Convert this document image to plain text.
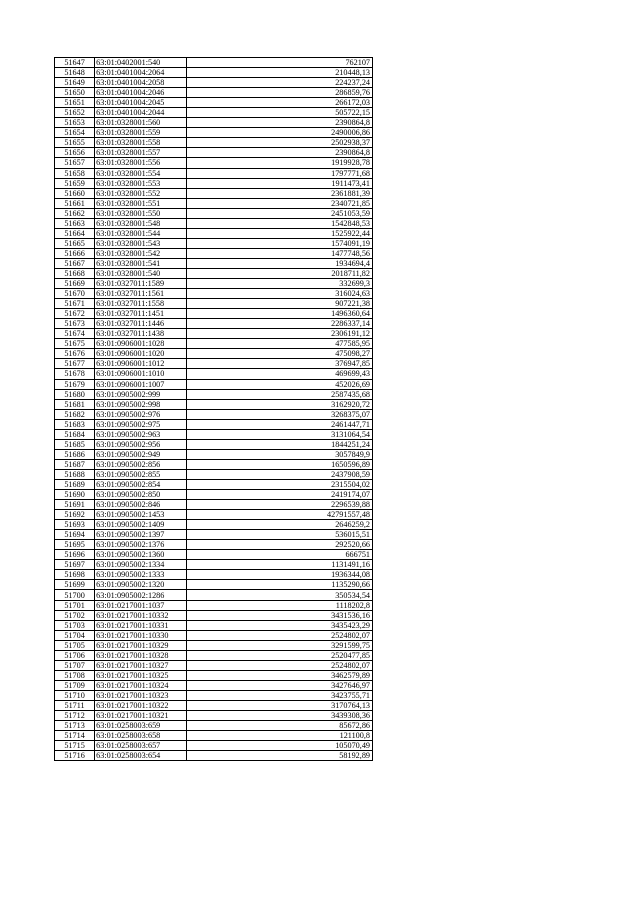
51647	63:01:0402001:540	762107
51648	63:01:0401004:2064	210448,13
51649	63:01:0401004:2058	224237,24
51650	63:01:0401004:2046	286859,76
51651	63:01:0401004:2045	266172,03
51652	63:01:0401004:2044	505722,15
51653	63:01:0328001:560	2390864,8
51654	63:01:0328001:559	2490006,86
51655	63:01:0328001:558	2502938,37
51656	63:01:0328001:557	2390864,8
51657	63:01:0328001:556	1919928,78
51658	63:01:0328001:554	1797771,68
51659	63:01:0328001:553	1911473,41
51660	63:01:0328001:552	2361881,39
51661	63:01:0328001:551	2340721,85
51662	63:01:0328001:550	2451053,59
51663	63:01:0328001:548	1542848,53
51664	63:01:0328001:544	1525922,44
51665	63:01:0328001:543	1574091,19
51666	63:01:0328001:542	1477748,56
51667	63:01:0328001:541	1934694,4
51668	63:01:0328001:540	2018711,82
51669	63:01:0327011:1589	332699,3
51670	63:01:0327011:1561	316024,63
51671	63:01:0327011:1558	907221,38
51672	63:01:0327011:1451	1496360,64
51673	63:01:0327011:1446	2286337,14
51674	63:01:0327011:1438	2306191,12
51675	63:01:0906001:1028	477585,95
51676	63:01:0906001:1020	475098,27
51677	63:01:0906001:1012	376947,85
51678	63:01:0906001:1010	469699,43
51679	63:01:0906001:1007	452026,69
51680	63:01:0905002:999	2587435,68
51681	63:01:0905002:998	3162920,72
51682	63:01:0905002:976	3268375,07
51683	63:01:0905002:975	2461447,71
51684	63:01:0905002:963	3131064,54
51685	63:01:0905002:956	1844251,24
51686	63:01:0905002:949	3057849,9
51687	63:01:0905002:856	1650596,89
51688	63:01:0905002:855	2437908,59
51689	63:01:0905002:854	2315504,02
51690	63:01:0905002:850	2419174,07
51691	63:01:0905002:846	2296539,88
51692	63:01:0905002:1453	42791557,48
51693	63:01:0905002:1409	2646259,2
51694	63:01:0905002:1397	536015,51
51695	63:01:0905002:1376	292520,66
51696	63:01:0905002:1360	666751
51697	63:01:0905002:1334	1131491,16
51698	63:01:0905002:1333	1936344,08
51699	63:01:0905002:1320	1135290,66
51700	63:01:0905002:1286	350534,54
51701	63:01:0217001:1037	1118202,8
51702	63:01:0217001:10332	3431536,16
51703	63:01:0217001:10331	3435423,29
51704	63:01:0217001:10330	2524802,07
51705	63:01:0217001:10329	3291599,75
51706	63:01:0217001:10328	2520477,85
51707	63:01:0217001:10327	2524802,07
51708	63:01:0217001:10325	3462579,89
51709	63:01:0217001:10324	3427646,97
51710	63:01:0217001:10323	3423755,71
51711	63:01:0217001:10322	3170764,13
51712	63:01:0217001:10321	3439308,36
51713	63:01:0258003:659	85672,86
51714	63:01:0258003:658	121100,8
51715	63:01:0258003:657	105070,49
51716	63:01:0258003:654	58192,89
